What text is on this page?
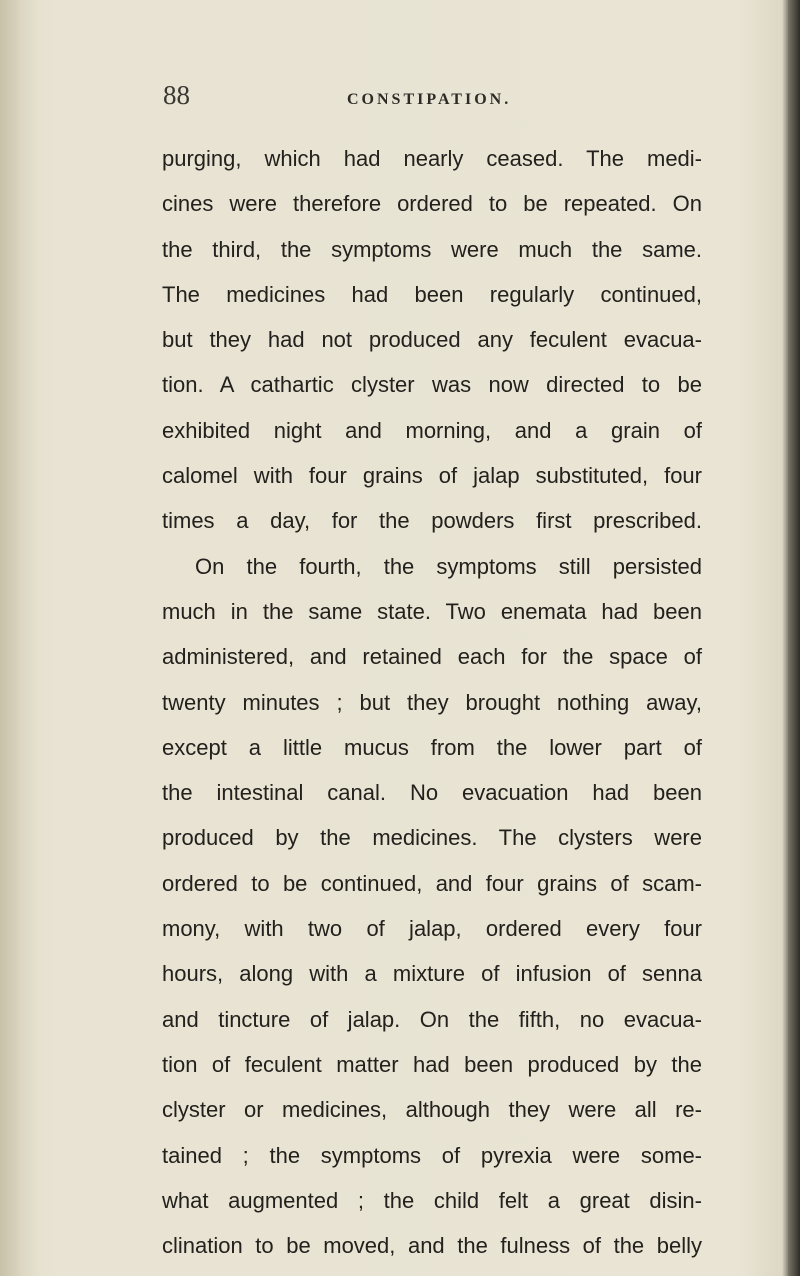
88	CONSTIPATION.
purging, which had nearly ceased. The medi-
cines were therefore ordered to be repeated. On
the third, the symptoms were much the same.
The medicines had been regularly continued,
but they had not produced any feculent evacua-
tion. A cathartic clyster was now directed to be
exhibited night and morning, and a grain of
calomel with four grains of jalap substituted, four
times a day, for the powders first prescribed.
On the fourth, the symptoms still persisted
much in the same state. Two enemata had been
administered, and retained each for the space of
twenty minutes ; but they brought nothing away,
except a little mucus from the lower part of
the intestinal canal. No evacuation had been
produced by the medicines. The clysters were
ordered to be continued, and four grains of scam-
mony, with two of jalap, ordered every four
hours, along with a mixture of infusion of senna
and tincture of jalap. On the fifth, no evacua-
tion of feculent matter had been produced by the
clyster or medicines, although they were all re-
tained ; the symptoms of pyrexia were some-
what augmented ; the child felt a great disin-
clination to be moved, and the fulness of the belly
